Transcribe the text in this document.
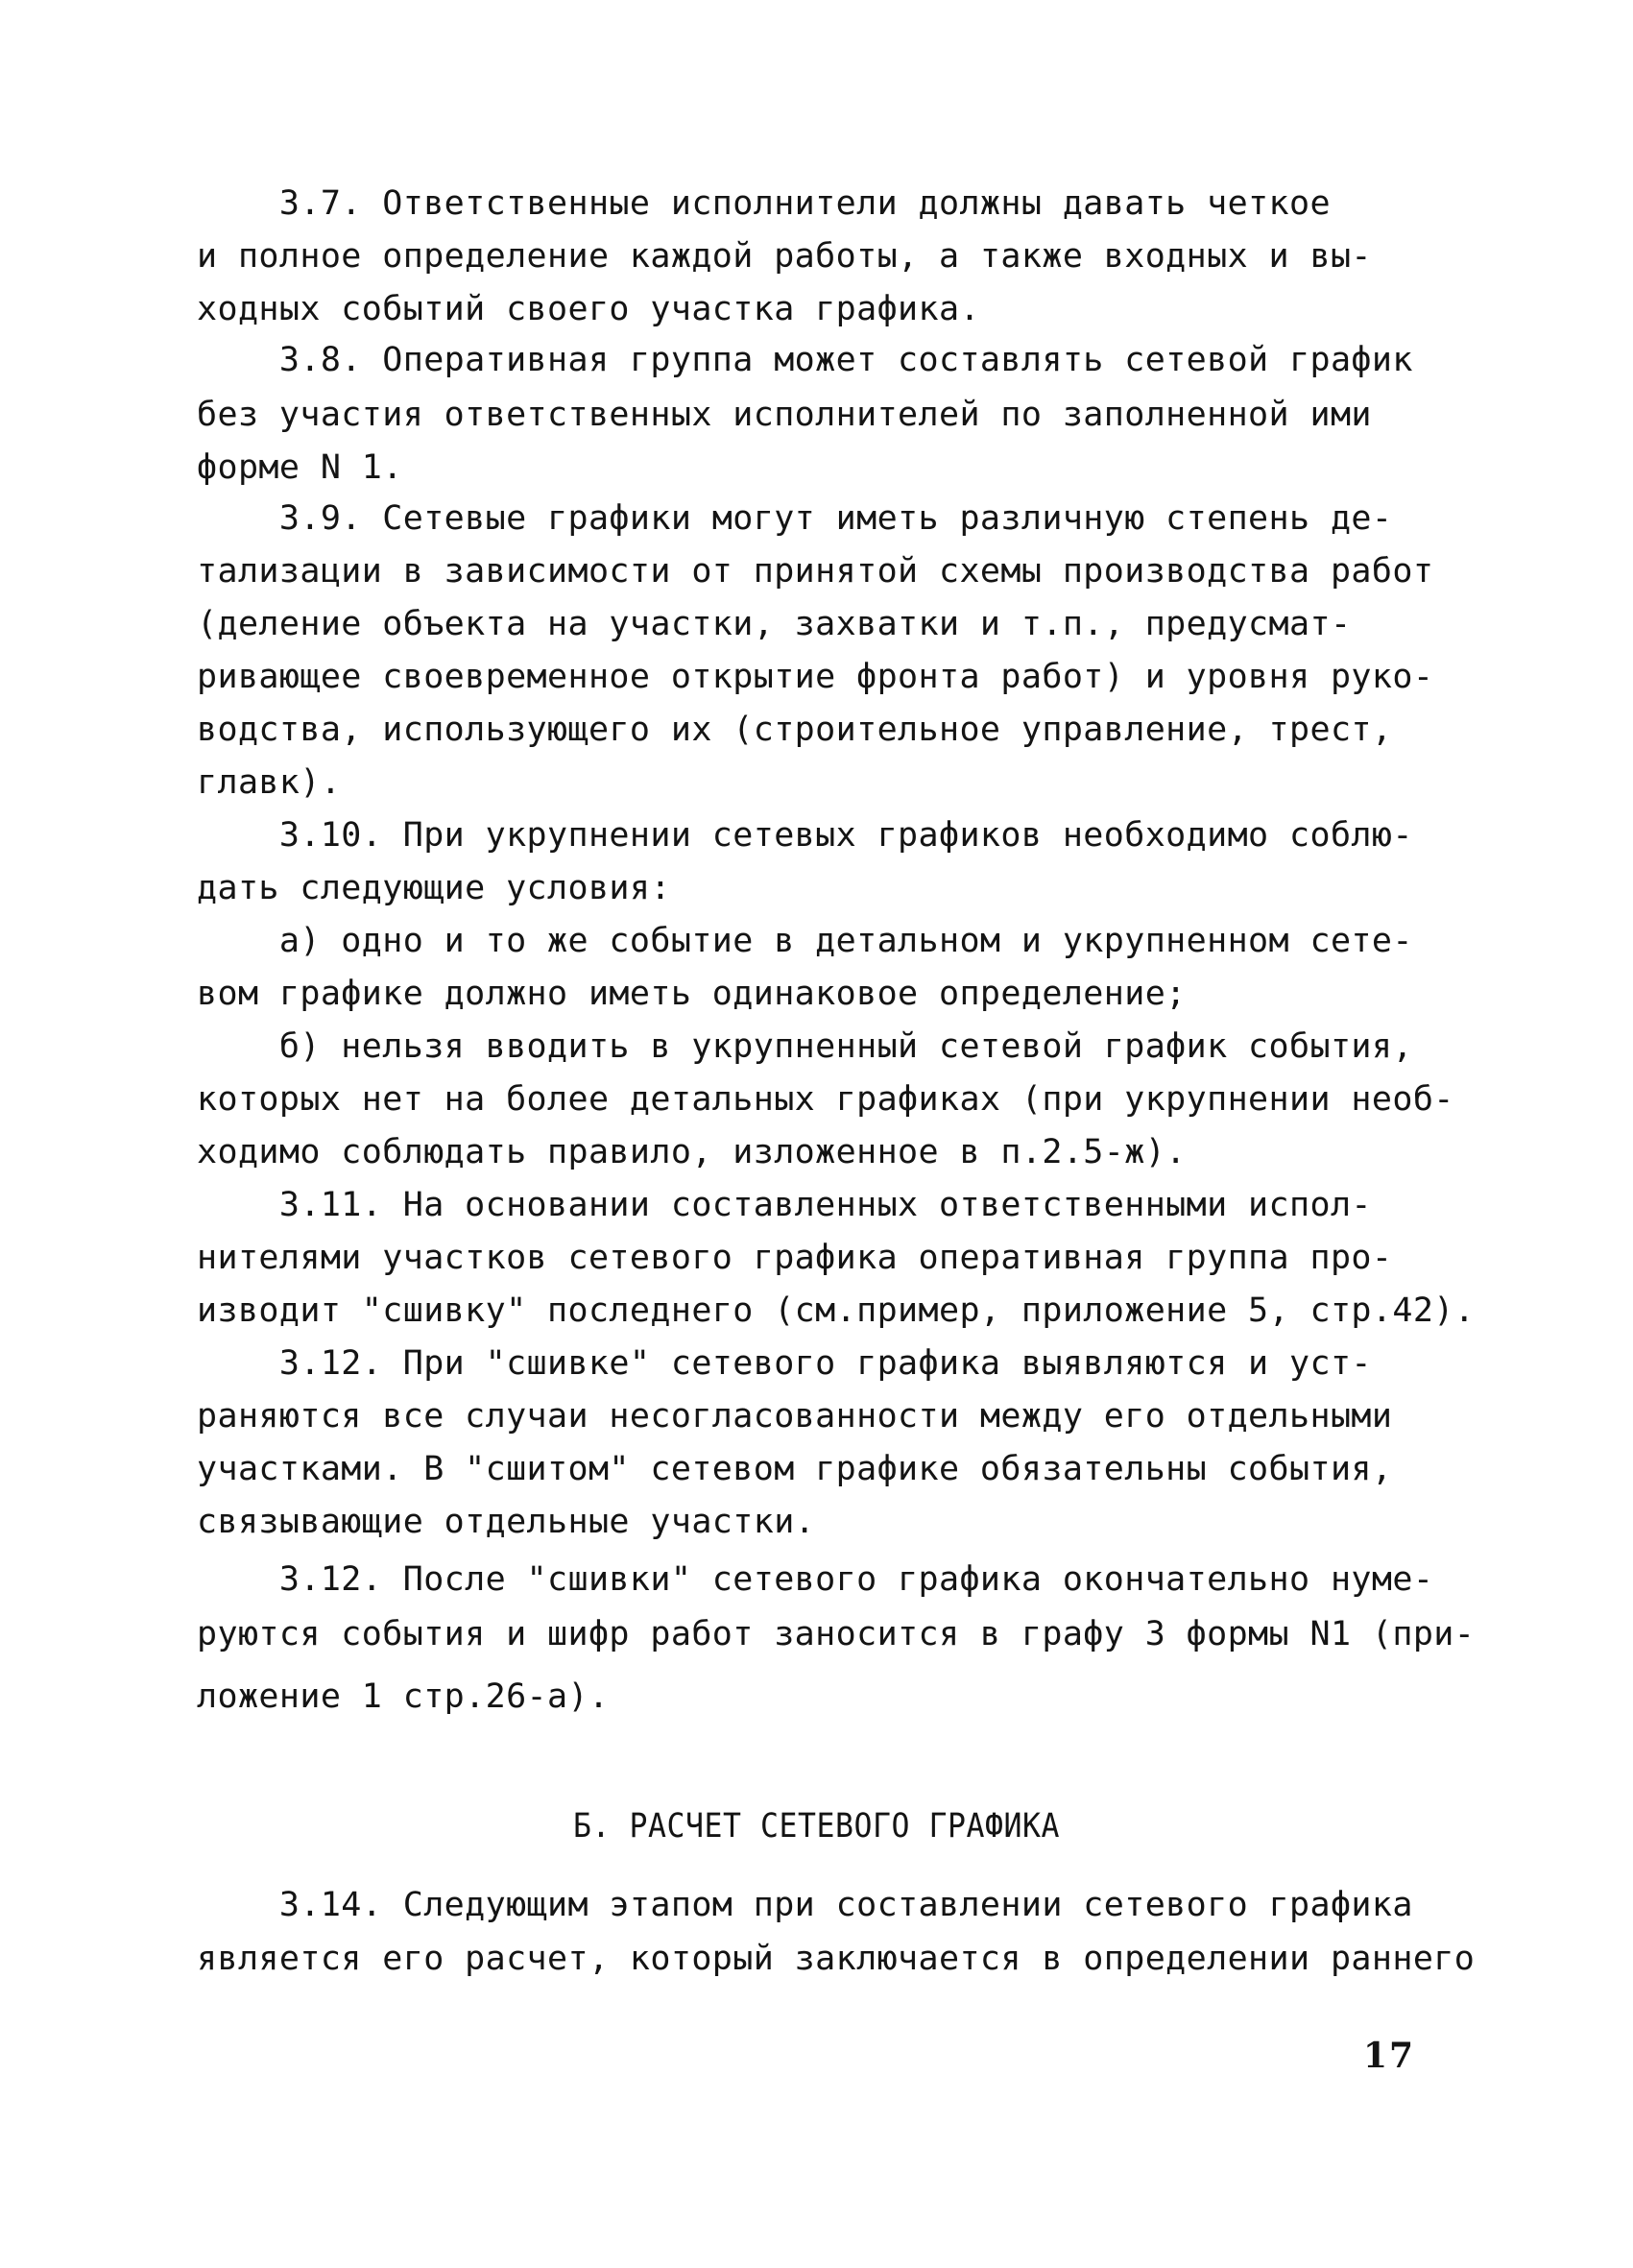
3.7. Ответственные исполнители должны давать четкое

и полное определение каждой работы, а также входных и вы-

ходных событий своего участка графика.

3.8. Оперативная группа может составлять сетевой график

без участия ответственных исполнителей по заполненной ими

форме N 1.

3.9. Сетевые графики могут иметь различную степень де-

тализации в зависимости от принятой схемы производства работ

(деление объекта на участки, захватки и т.п., предусмат-

ривающее своевременное открытие фронта работ) и уровня руко-

водства, использующего их (строительное управление, трест,

главк).

3.10. При укрупнении сетевых графиков необходимо соблю-

дать следующие условия:

а) одно и то же событие в детальном и укрупненном сете-

вом графике должно иметь одинаковое определение;

б) нельзя вводить в укрупненный сетевой график события,

которых нет на более детальных графиках (при укрупнении необ-

ходимо соблюдать правило, изложенное в п.2.5-ж).

3.11. На основании составленных ответственными испол-

нителями участков сетевого графика оперативная группа про-

изводит "сшивку" последнего (см.пример, приложение 5, стр.42).

3.12. При "сшивке" сетевого графика выявляются и уст-

раняются все случаи несогласованности между его отдельными

участками. В "сшитом" сетевом графике обязательны события,

связывающие отдельные участки.

3.12. После "сшивки" сетевого графика окончательно нуме-

руются события и шифр работ заносится в графу 3 формы N1 (при-

ложение 1 стр.26-а).

Б. РАСЧЕТ СЕТЕВОГО ГРАФИКА

3.14. Следующим этапом при составлении сетевого графика

является его расчет, который заключается в определении раннего

17
